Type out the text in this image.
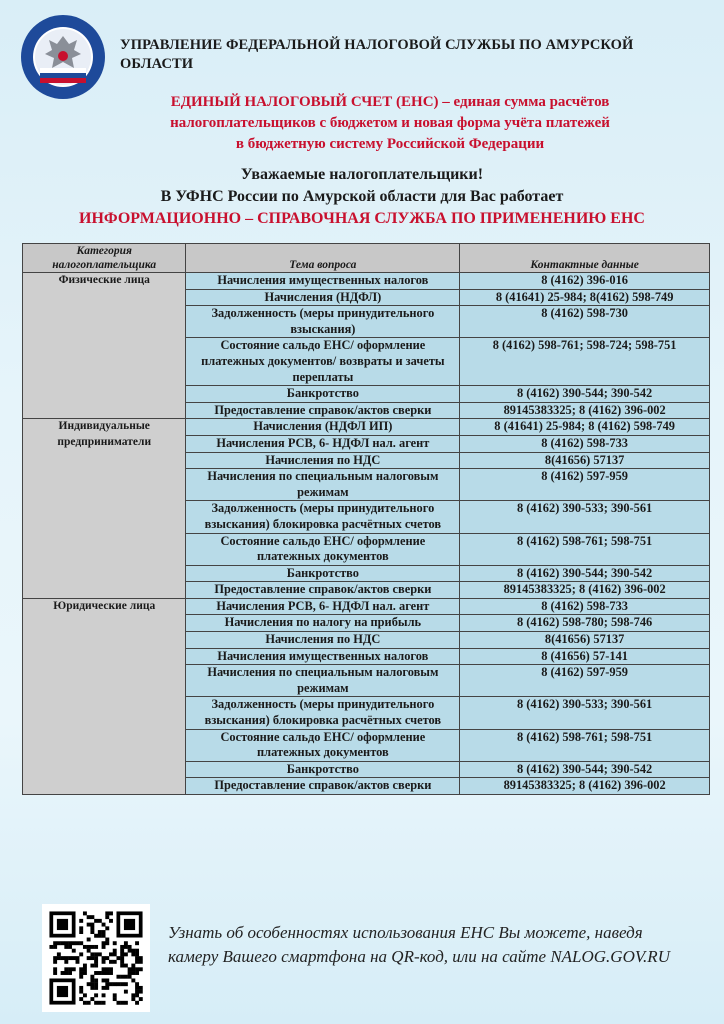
УПРАВЛЕНИЕ ФЕДЕРАЛЬНОЙ НАЛОГОВОЙ СЛУЖБЫ ПО АМУРСКОЙ ОБЛАСТИ
ЕДИНЫЙ НАЛОГОВЫЙ СЧЕТ (ЕНС) – единая сумма расчётов
налогоплательщиков с бюджетом и новая форма учёта платежей
в бюджетную систему Российской Федерации
Уважаемые налогоплательщики!
В УФНС России по Амурской области для Вас работает
ИНФОРМАЦИОННО – СПРАВОЧНАЯ СЛУЖБА ПО ПРИМЕНЕНИЮ ЕНС
Категория налогоплательщика	Тема вопроса	Контактные данные
Физические лица	Начисления имущественных налогов	8 (4162) 396-016
	Начисления (НДФЛ)	8 (41641) 25-984; 8(4162) 598-749
	Задолженность (меры принудительного взыскания)	8 (4162) 598-730
	Состояние сальдо ЕНС/ оформление платежных документов/ возвраты и зачеты переплаты	8 (4162) 598-761; 598-724; 598-751
	Банкротство	8 (4162) 390-544; 390-542
	Предоставление справок/актов сверки	89145383325; 8 (4162) 396-002
Индивидуальные предприниматели	Начисления (НДФЛ ИП)	8 (41641) 25-984; 8 (4162) 598-749
	Начисления РСВ, 6- НДФЛ нал. агент	8 (4162) 598-733
	Начисления по НДС	8(41656) 57137
	Начисления по специальным налоговым режимам	8 (4162) 597-959
	Задолженность (меры принудительного взыскания) блокировка расчётных счетов	8 (4162) 390-533; 390-561
	Состояние сальдо ЕНС/ оформление платежных документов	8 (4162) 598-761; 598-751
	Банкротство	8 (4162) 390-544; 390-542
	Предоставление справок/актов сверки	89145383325; 8 (4162) 396-002
Юридические лица	Начисления РСВ, 6- НДФЛ нал. агент	8 (4162) 598-733
	Начисления по налогу на прибыль	8 (4162) 598-780; 598-746
	Начисления по НДС	8(41656) 57137
	Начисления имущественных налогов	8 (41656) 57-141
	Начисления по специальным налоговым режимам	8 (4162) 597-959
	Задолженность (меры принудительного взыскания) блокировка расчётных счетов	8 (4162) 390-533; 390-561
	Состояние сальдо ЕНС/ оформление платежных документов	8 (4162) 598-761; 598-751
	Банкротство	8 (4162) 390-544; 390-542
	Предоставление справок/актов сверки	89145383325; 8 (4162) 396-002
Узнать об особенностях использования ЕНС Вы можете, наведя камеру Вашего смартфона на QR-код, или на сайте NALOG.GOV.RU
